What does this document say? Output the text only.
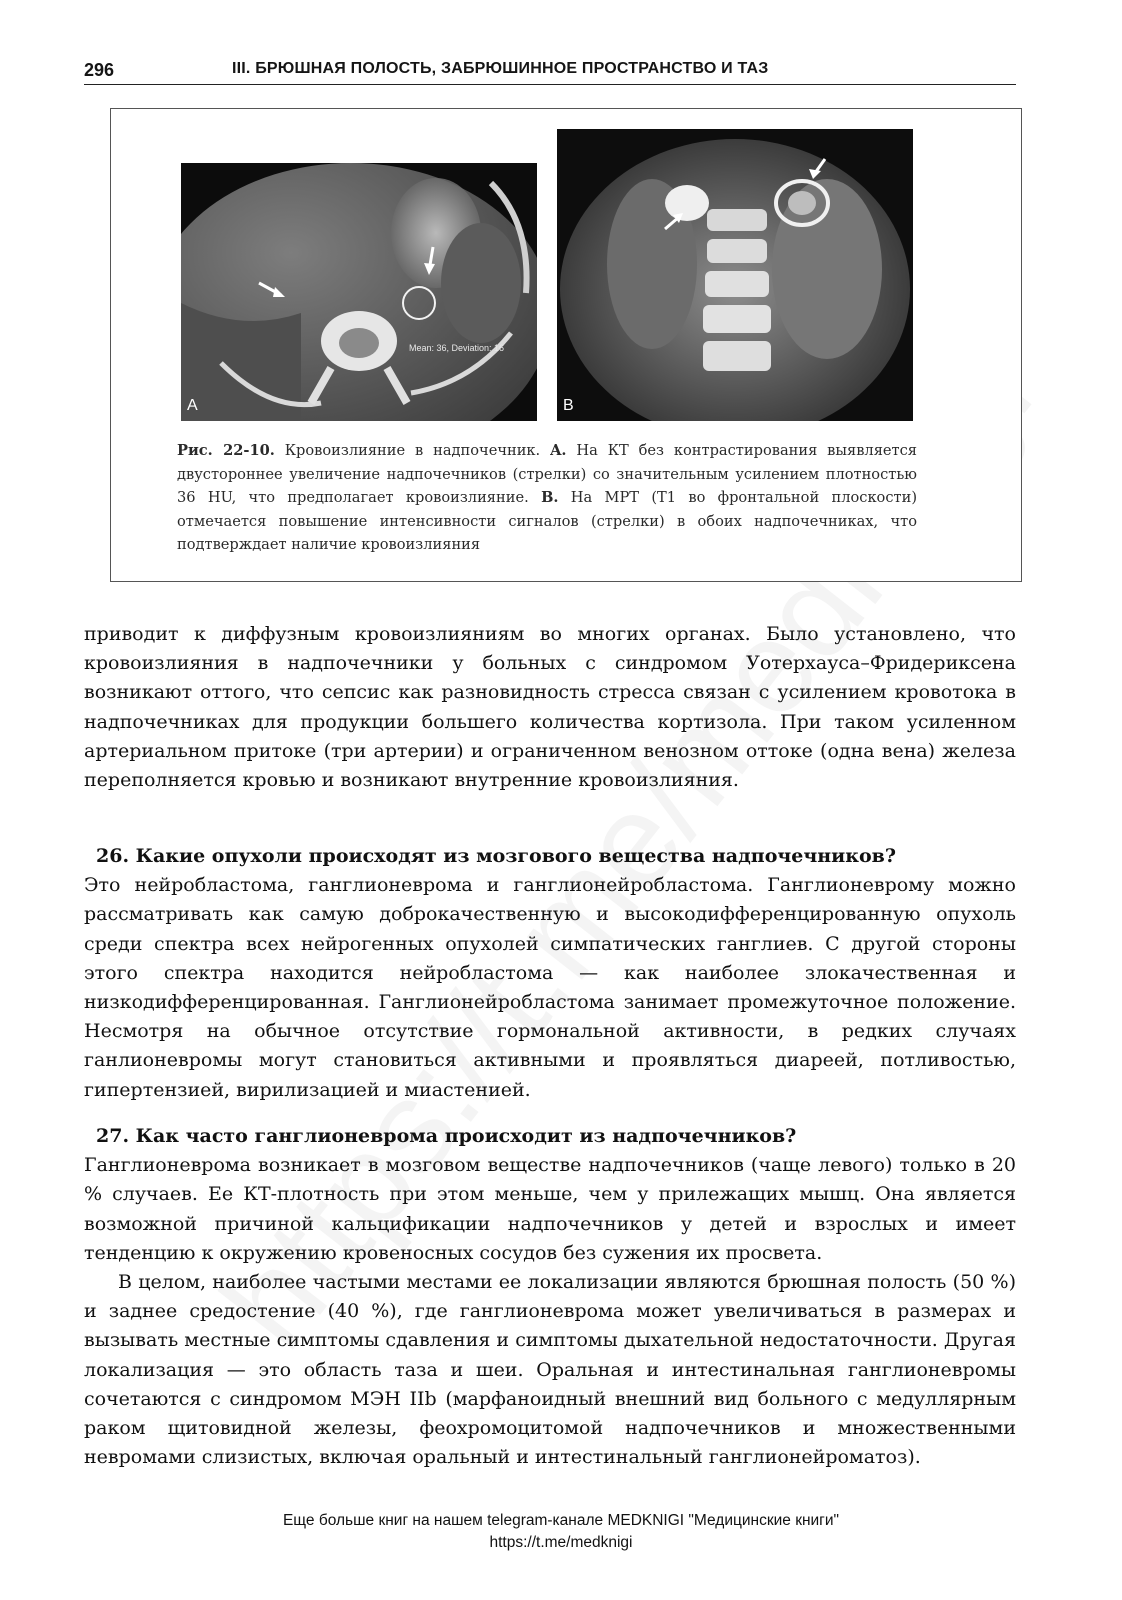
296	III. БРЮШНАЯ ПОЛОСТЬ, ЗАБРЮШИННОЕ ПРОСТРАНСТВО И ТАЗ
Mean: 36, Deviation: 16
A	B
Рис. 22-10. Кровоизлияние в надпочечник. A. На КТ без контрастирования выявляется двустороннее увеличение надпочечников (стрелки) со значительным усилением плотностью 36 HU, что предполагает кровоизлияние. B. На МРТ (T1 во фронтальной плоскости) отмечается повышение интенсивности сигналов (стрелки) в обоих надпочечниках, что подтверждает наличие кровоизлияния

приводит к диффузным кровоизлияниям во многих органах. Было установлено, что кровоизлияния в надпочечники у больных с синдромом Уотерхауса–Фридериксена возникают оттого, что сепсис как разновидность стресса связан с усилением кровотока в надпочечниках для продукции большего количества кортизола. При таком усиленном артериальном притоке (три артерии) и ограниченном венозном оттоке (одна вена) железа переполняется кровью и возникают внутренние кровоизлияния.

26. Какие опухоли происходят из мозгового вещества надпочечников?

Это нейробластома, ганглионеврома и ганглионейробластома. Ганглионеврому можно рассматривать как самую доброкачественную и высокодифференцированную опухоль среди спектра всех нейрогенных опухолей симпатических ганглиев. С другой стороны этого спектра находится нейробластома — как наиболее злокачественная и низкодифференцированная. Ганглионейробластома занимает промежуточное положение. Несмотря на обычное отсутствие гормональной активности, в редких случаях ганлионевромы могут становиться активными и проявляться диареей, потливостью, гипертензией, вирилизацией и миастенией.

27. Как часто ганглионеврома происходит из надпочечников?

Ганглионеврома возникает в мозговом веществе надпочечников (чаще левого) только в 20 % случаев. Ее КТ-плотность при этом меньше, чем у прилежащих мышц. Она является возможной причиной кальцификации надпочечников у детей и взрослых и имеет тенденцию к окружению кровеносных сосудов без сужения их просвета.

В целом, наиболее частыми местами ее локализации являются брюшная полость (50 %) и заднее средостение (40 %), где ганглионеврома может увеличиваться в размерах и вызывать местные симптомы сдавления и симптомы дыхательной недостаточности. Другая локализация — это область таза и шеи. Оральная и интестинальная ганглионевромы сочетаются с синдромом МЭН IIb (марфаноидный внешний вид больного с медуллярным раком щитовидной железы, феохромоцитомой надпочечников и множественными невромами слизистых, включая оральный и интестинальный ганглионейроматоз).

Еще больше книг на нашем telegram-канале MEDKNIGI "Медицинские книги"
https://t.me/medknigi
